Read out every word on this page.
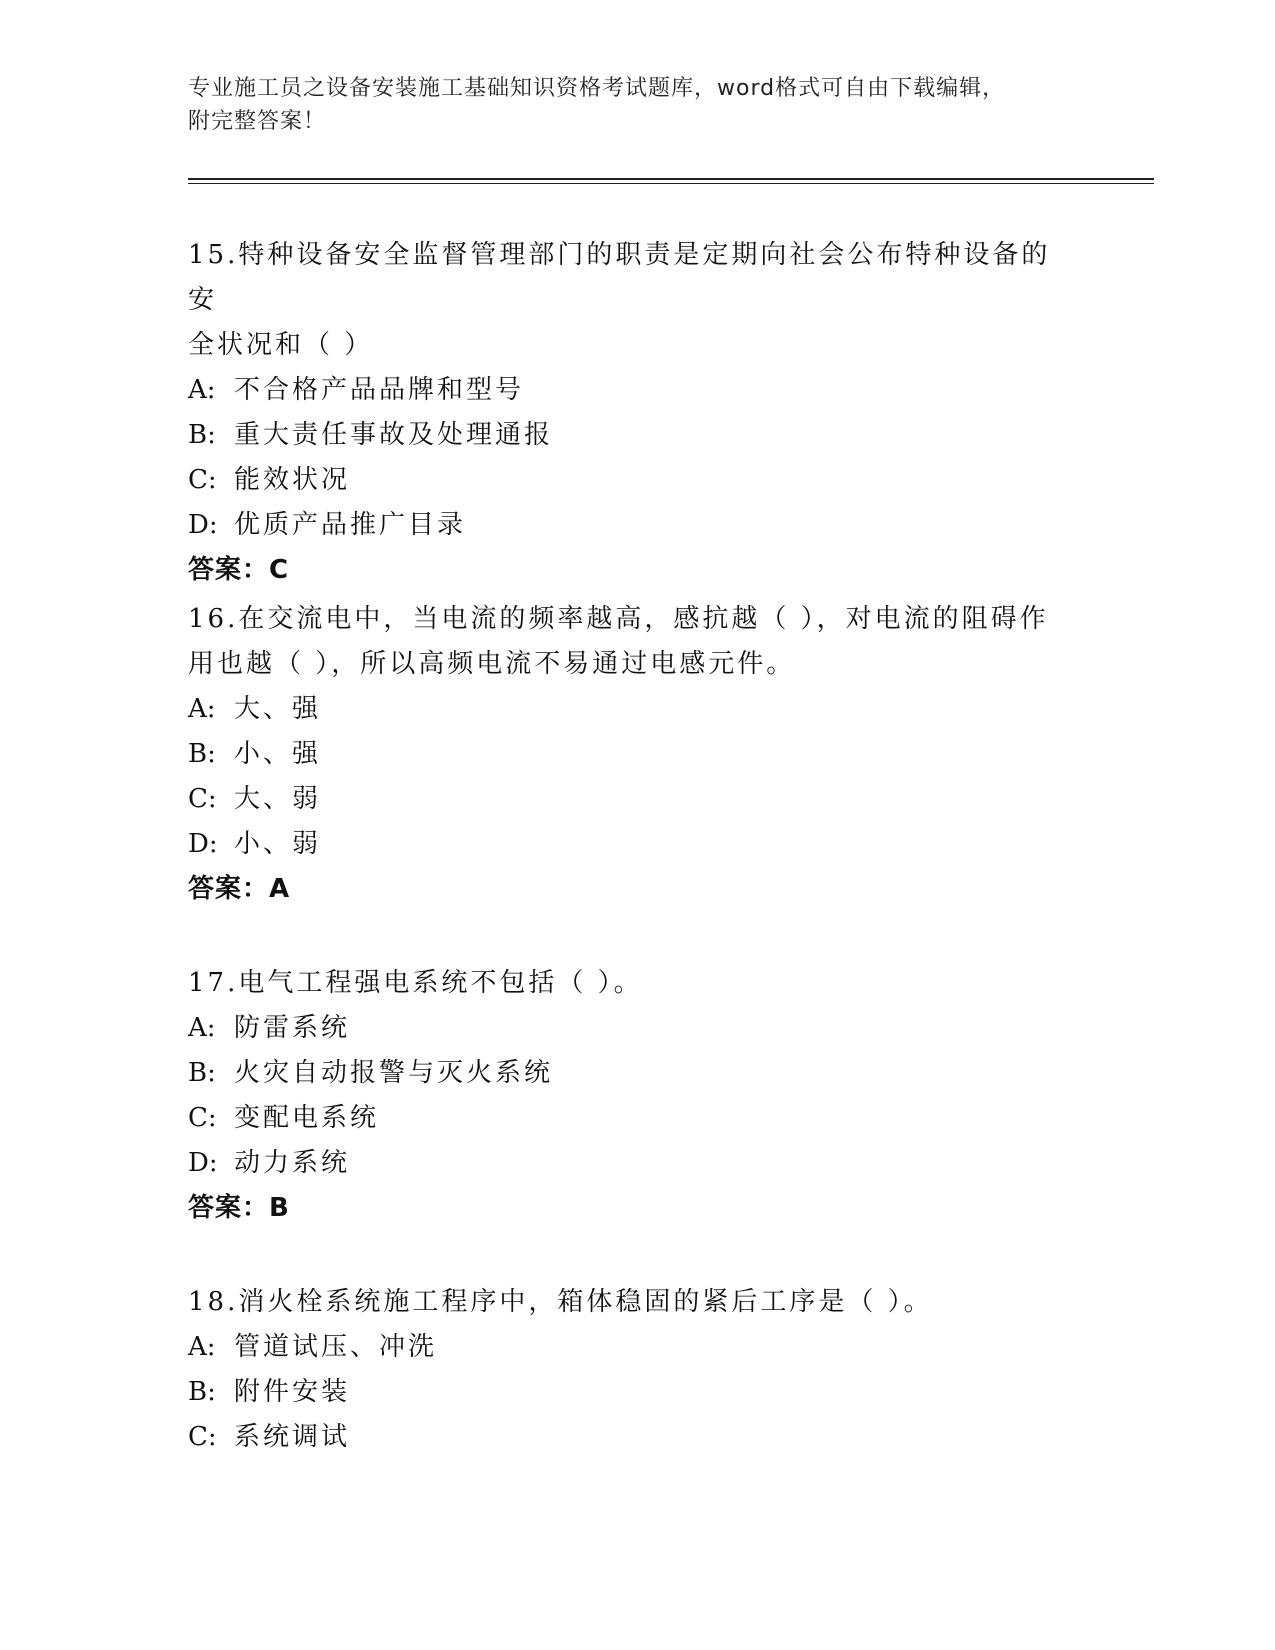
专业施工员之设备安装施工基础知识资格考试题库，word格式可自由下载编辑，
附完整答案！

15.特种设备安全监督管理部门的职责是定期向社会公布特种设备的安

全状况和（ ）

A: 不合格产品品牌和型号

B: 重大责任事故及处理通报

C: 能效状况

D: 优质产品推广目录

答案：C

16.在交流电中，当电流的频率越高，感抗越（ ），对电流的阻碍作

用也越（ ），所以高频电流不易通过电感元件。

A: 大、强

B: 小、强

C: 大、弱

D: 小、弱

答案：A

17.电气工程强电系统不包括（ ）。

A: 防雷系统

B: 火灾自动报警与灭火系统

C: 变配电系统

D: 动力系统

答案：B

18.消火栓系统施工程序中，箱体稳固的紧后工序是（ ）。

A: 管道试压、冲洗

B: 附件安装

C: 系统调试
